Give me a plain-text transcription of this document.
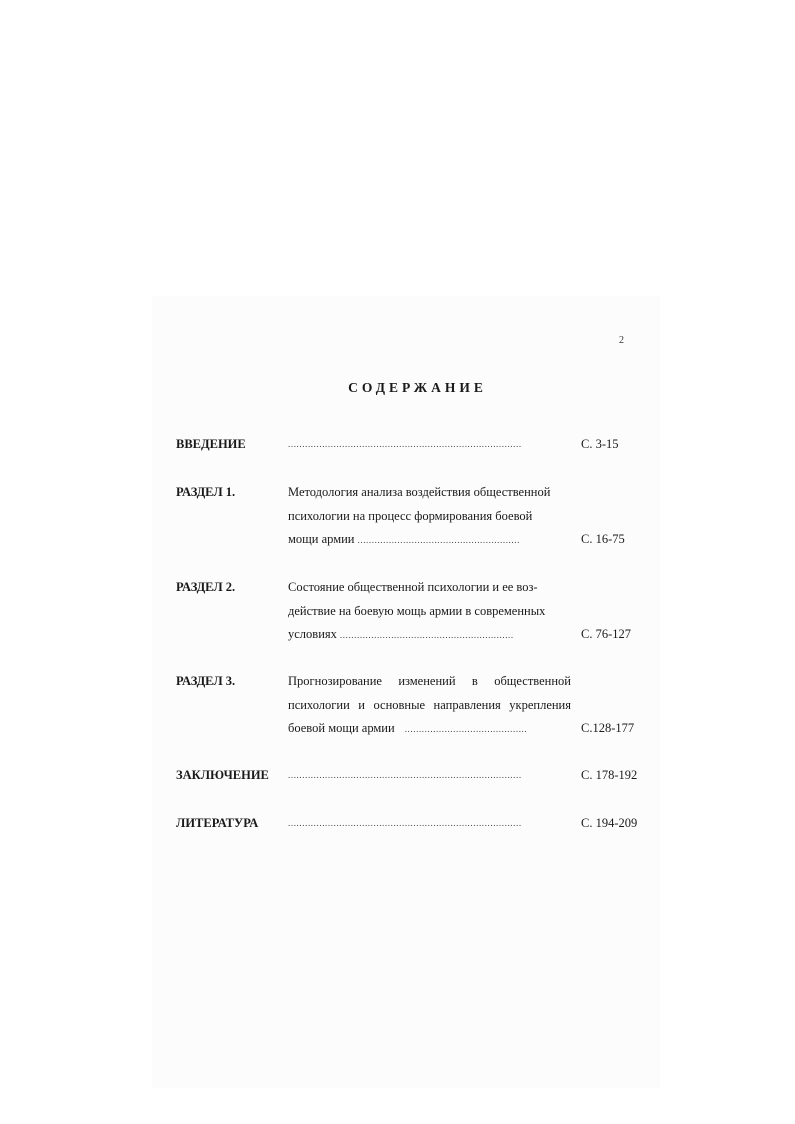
2
СОДЕРЖАНИЕ
ВВЕДЕНИЕ	..................................................................................	С. 3-15
РАЗДЕЛ 1.	Методология анализа воздействия общественной
психологии на процесс формирования боевой
мощи армии .........................................................	С. 16-75
РАЗДЕЛ 2.	Состояние общественной психологии и ее воз-
действие на боевую мощь армии в современных
условиях .............................................................	С. 76-127
РАЗДЕЛ 3.	Прогнозирование изменений в общественной
психологии и основные направления укрепления
боевой мощи армии ...........................................	С.128-177
ЗАКЛЮЧЕНИЕ ..................................................................................	С. 178-192
ЛИТЕРАТУРА	..................................................................................	С. 194-209
